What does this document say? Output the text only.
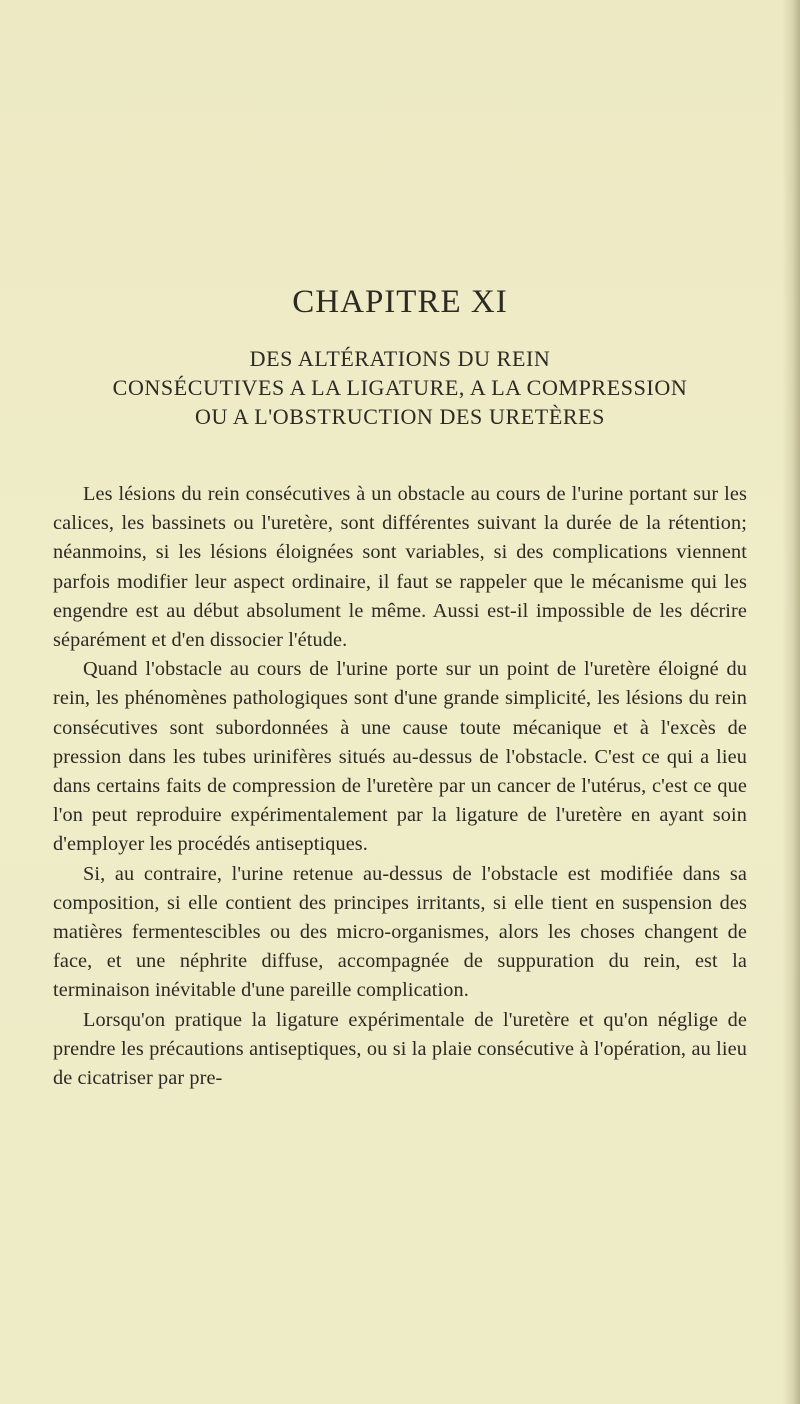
CHAPITRE XI
DES ALTÉRATIONS DU REIN
CONSÉCUTIVES A LA LIGATURE, A LA COMPRESSION
OU A L'OBSTRUCTION DES URETÈRES

Les lésions du rein consécutives à un obstacle au cours de l'urine portant sur les calices, les bassinets ou l'uretère, sont différentes suivant la durée de la rétention; néanmoins, si les lésions éloignées sont variables, si des complications viennent parfois modifier leur aspect ordinaire, il faut se rappeler que le mécanisme qui les engendre est au début absolument le même. Aussi est-il impossible de les décrire séparément et d'en dissocier l'étude.

Quand l'obstacle au cours de l'urine porte sur un point de l'uretère éloigné du rein, les phénomènes pathologiques sont d'une grande simplicité, les lésions du rein consécutives sont subordonnées à une cause toute mécanique et à l'excès de pression dans les tubes urinifères situés au-dessus de l'obstacle. C'est ce qui a lieu dans certains faits de compression de l'uretère par un cancer de l'utérus, c'est ce que l'on peut reproduire expérimentalement par la ligature de l'uretère en ayant soin d'employer les procédés antiseptiques.

Si, au contraire, l'urine retenue au-dessus de l'obstacle est modifiée dans sa composition, si elle contient des principes irritants, si elle tient en suspension des matières fermentescibles ou des micro-organismes, alors les choses changent de face, et une néphrite diffuse, accompagnée de suppuration du rein, est la terminaison inévitable d'une pareille complication.

Lorsqu'on pratique la ligature expérimentale de l'uretère et qu'on néglige de prendre les précautions antiseptiques, ou si la plaie consécutive à l'opération, au lieu de cicatriser par pre-
